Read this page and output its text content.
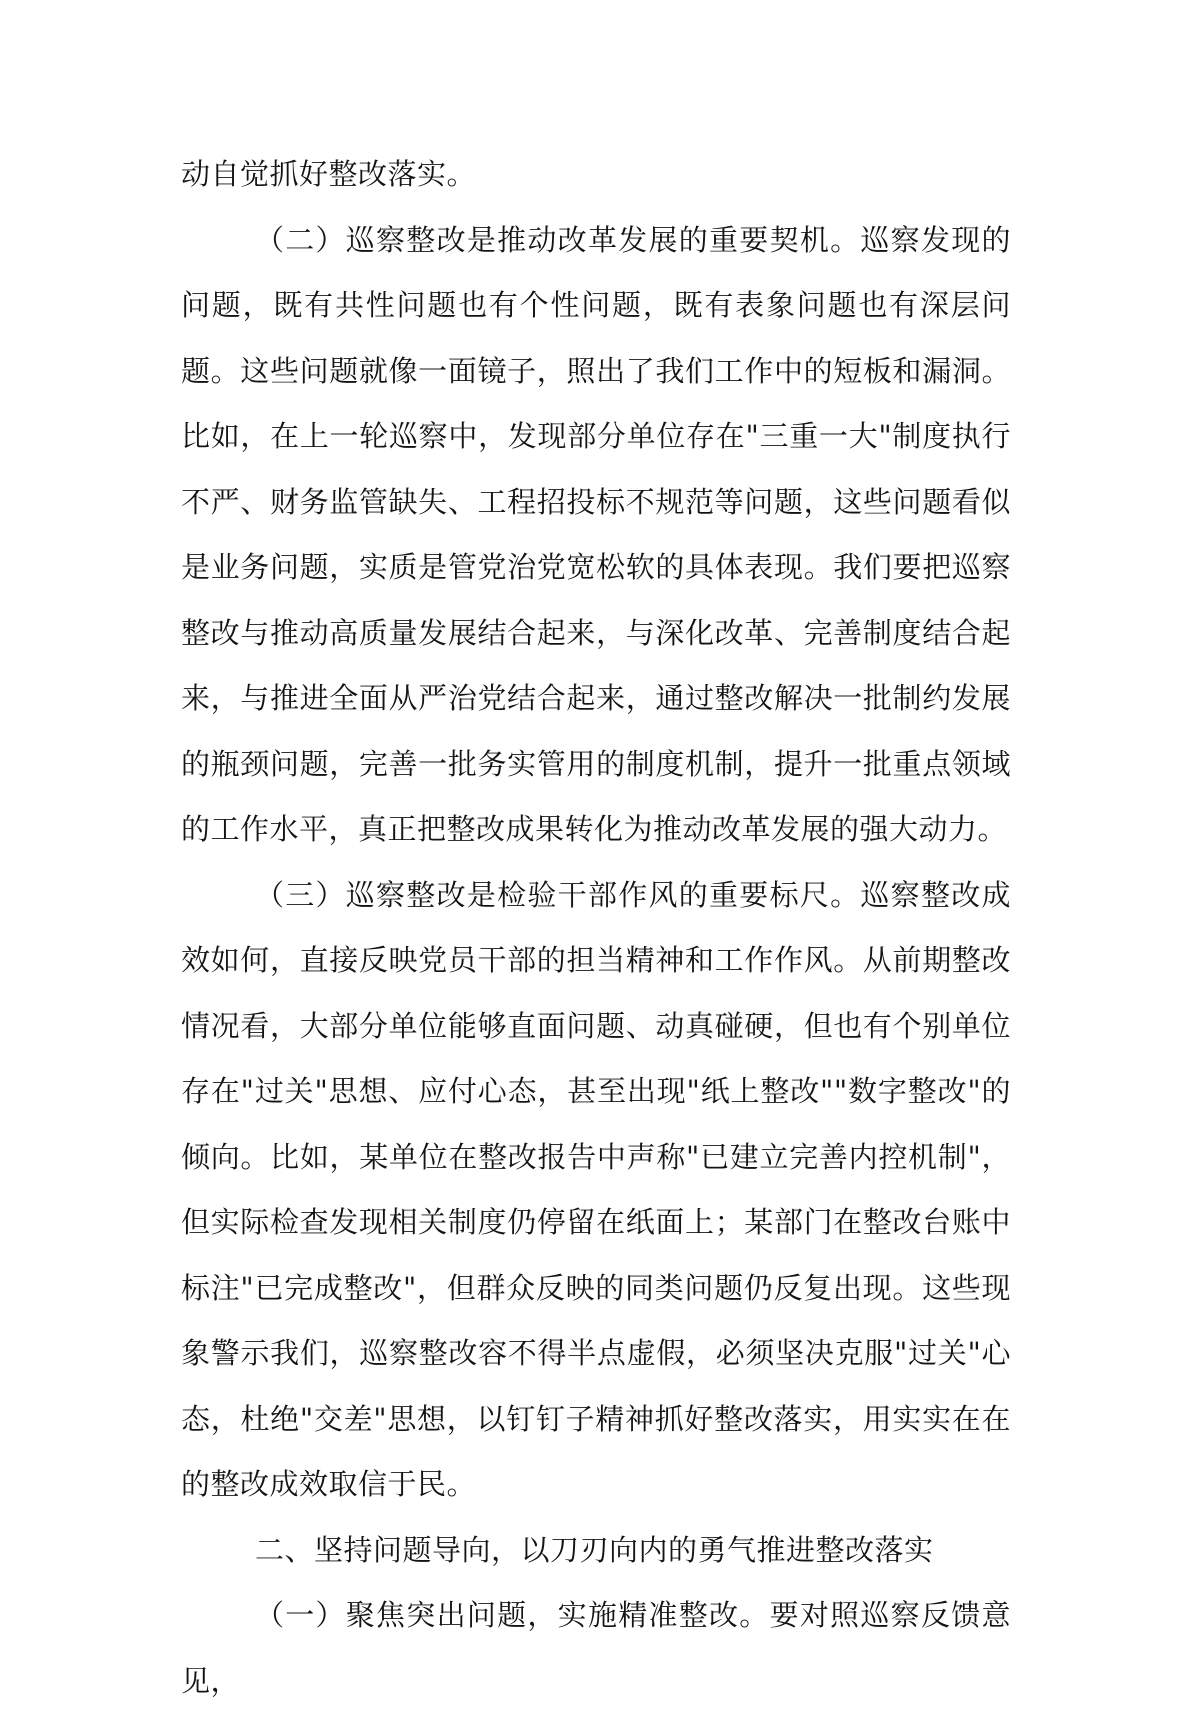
动自觉抓好整改落实。

（二）巡察整改是推动改革发展的重要契机。巡察发现的问题，既有共性问题也有个性问题，既有表象问题也有深层问题。这些问题就像一面镜子，照出了我们工作中的短板和漏洞。比如，在上一轮巡察中，发现部分单位存在"三重一大"制度执行不严、财务监管缺失、工程招投标不规范等问题，这些问题看似是业务问题，实质是管党治党宽松软的具体表现。我们要把巡察整改与推动高质量发展结合起来，与深化改革、完善制度结合起来，与推进全面从严治党结合起来，通过整改解决一批制约发展的瓶颈问题，完善一批务实管用的制度机制，提升一批重点领域的工作水平，真正把整改成果转化为推动改革发展的强大动力。

（三）巡察整改是检验干部作风的重要标尺。巡察整改成效如何，直接反映党员干部的担当精神和工作作风。从前期整改情况看，大部分单位能够直面问题、动真碰硬，但也有个别单位存在"过关"思想、应付心态，甚至出现"纸上整改""数字整改"的倾向。比如，某单位在整改报告中声称"已建立完善内控机制"，但实际检查发现相关制度仍停留在纸面上；某部门在整改台账中标注"已完成整改"，但群众反映的同类问题仍反复出现。这些现象警示我们，巡察整改容不得半点虚假，必须坚决克服"过关"心态，杜绝"交差"思想，以钉钉子精神抓好整改落实，用实实在在的整改成效取信于民。

二、坚持问题导向，以刀刃向内的勇气推进整改落实

（一）聚焦突出问题，实施精准整改。要对照巡察反馈意见，
